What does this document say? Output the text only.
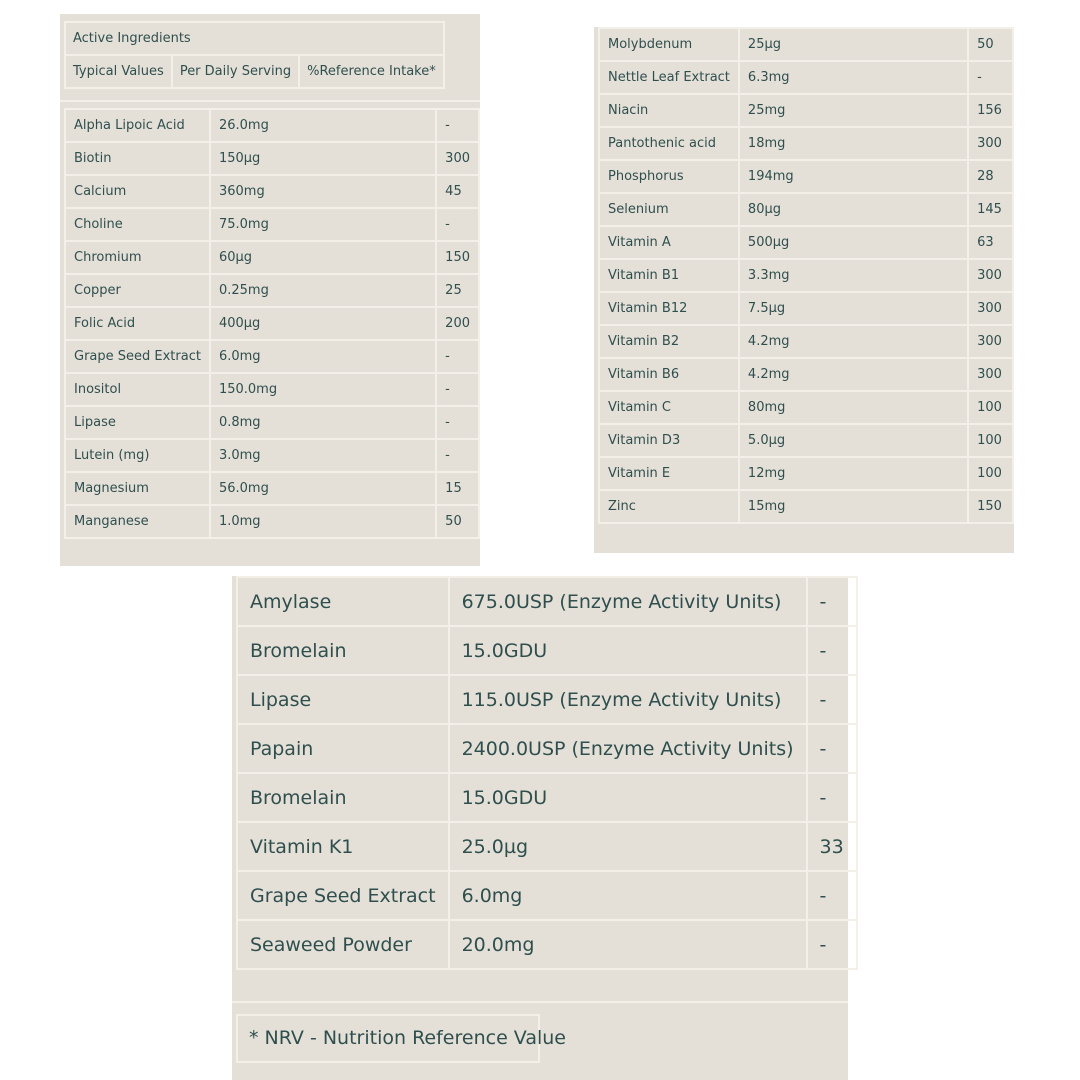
Active Ingredients
Typical Values	Per Daily Serving	%Reference Intake*
Alpha Lipoic Acid	26.0mg	-
Biotin	150µg	300
Calcium	360mg	45
Choline	75.0mg	-
Chromium	60µg	150
Copper	0.25mg	25
Folic Acid	400µg	200
Grape Seed Extract	6.0mg	-
Inositol	150.0mg	-
Lipase	0.8mg	-
Lutein (mg)	3.0mg	-
Magnesium	56.0mg	15
Manganese	1.0mg	50
Molybdenum	25µg	50
Nettle Leaf Extract	6.3mg	-
Niacin	25mg	156
Pantothenic acid	18mg	300
Phosphorus	194mg	28
Selenium	80µg	145
Vitamin A	500µg	63
Vitamin B1	3.3mg	300
Vitamin B12	7.5µg	300
Vitamin B2	4.2mg	300
Vitamin B6	4.2mg	300
Vitamin C	80mg	100
Vitamin D3	5.0µg	100
Vitamin E	12mg	100
Zinc	15mg	150
Amylase	675.0USP (Enzyme Activity Units)	-
Bromelain	15.0GDU	-
Lipase	115.0USP (Enzyme Activity Units)	-
Papain	2400.0USP (Enzyme Activity Units)	-
Bromelain	15.0GDU	-
Vitamin K1	25.0µg	33
Grape Seed Extract	6.0mg	-
Seaweed Powder	20.0mg	-
* NRV - Nutrition Reference Value
